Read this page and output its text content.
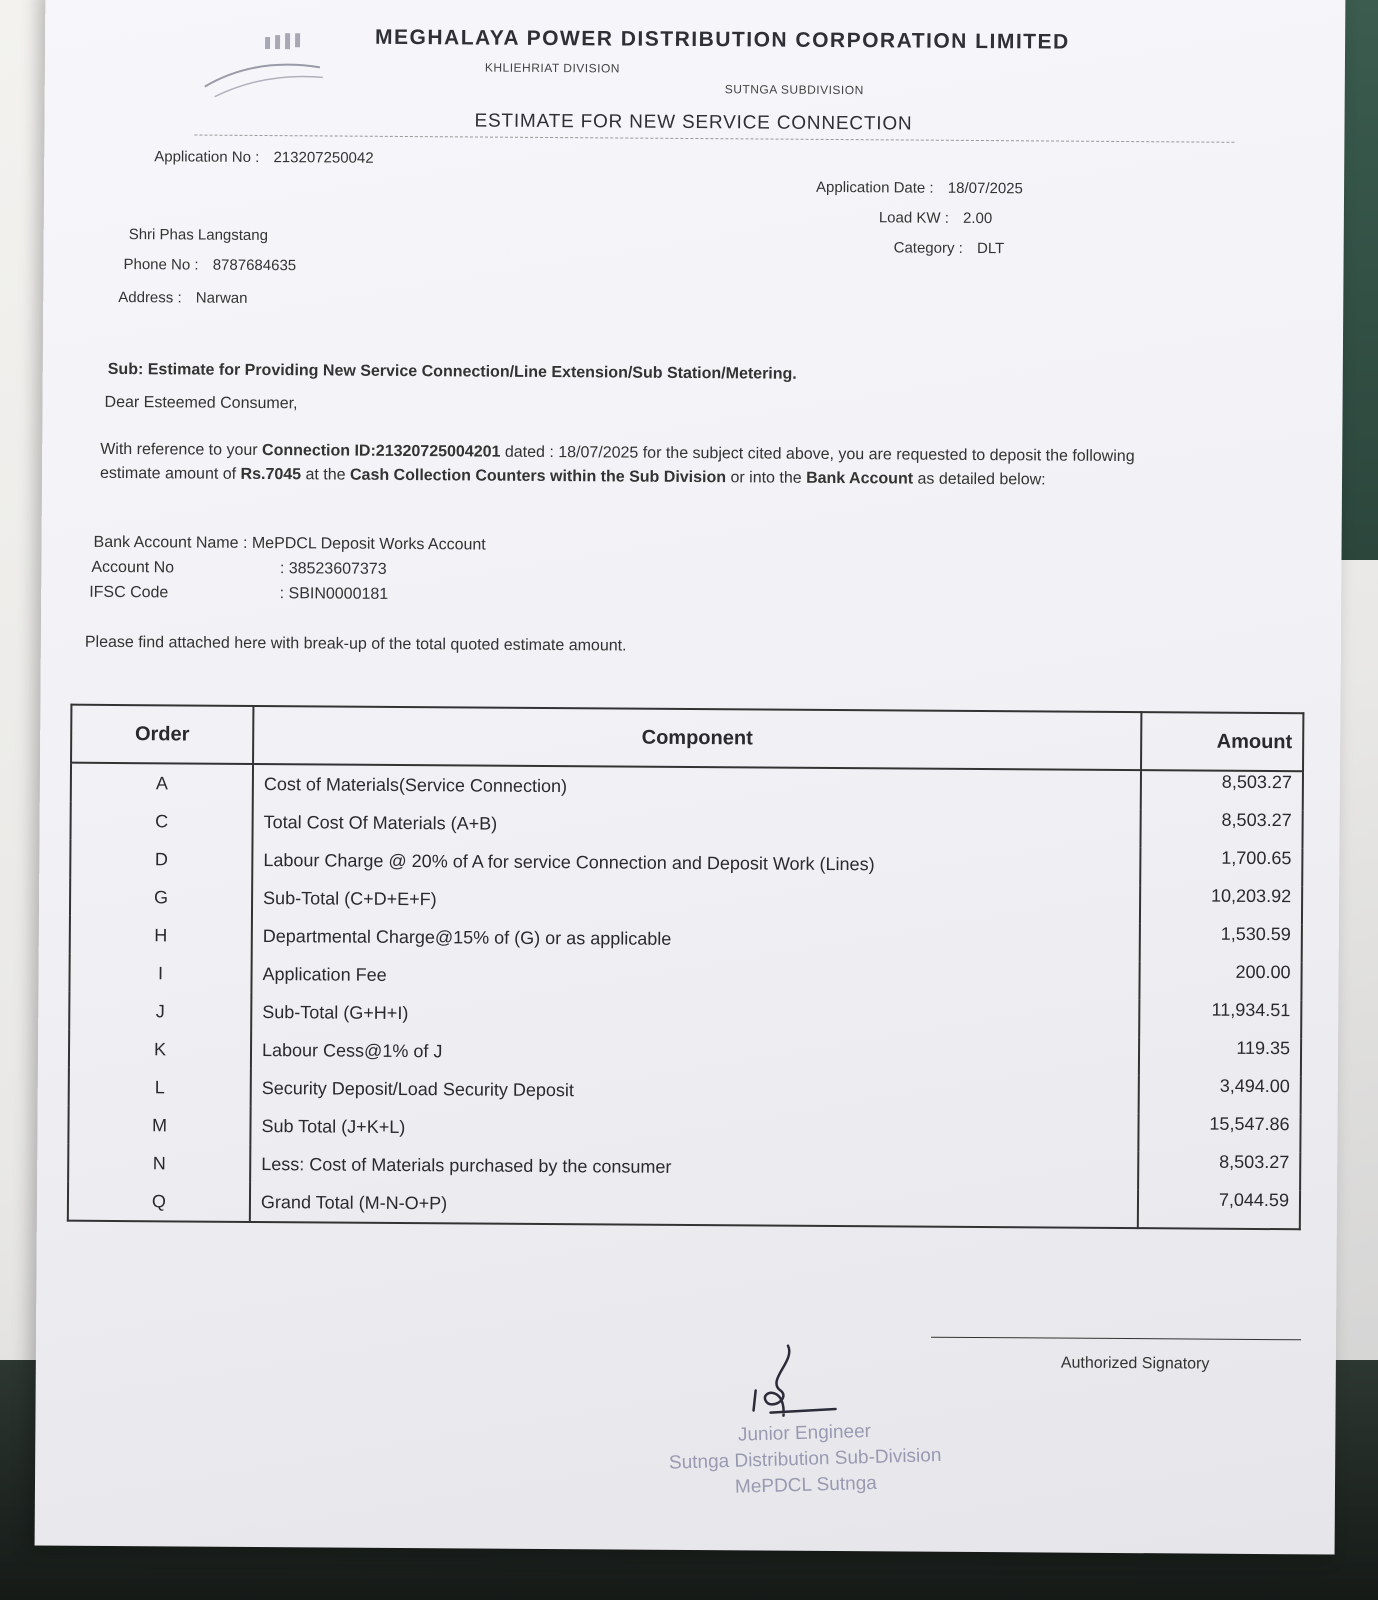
MEGHALAYA POWER DISTRIBUTION CORPORATION LIMITED
KHLIEHRIAT DIVISION
SUTNGA SUBDIVISION
ESTIMATE FOR NEW SERVICE CONNECTION
Application No : 213207250042
Application Date : 18/07/2025
Load KW : 2.00
Category : DLT
Shri Phas Langstang
Phone No : 8787684635
Address : Narwan
Sub: Estimate for Providing New Service Connection/Line Extension/Sub Station/Metering.
Dear Esteemed Consumer,
With reference to your Connection ID:21320725004201 dated : 18/07/2025 for the subject cited above, you are requested to deposit the following estimate amount of Rs.7045 at the Cash Collection Counters within the Sub Division or into the Bank Account as detailed below:
Bank Account Name : MePDCL Deposit Works Account
Account No	: 38523607373
IFSC Code	: SBIN0000181
Please find attached here with break-up of the total quoted estimate amount.
Order	Component	Amount
A	Cost of Materials(Service Connection)	8,503.27
C	Total Cost Of Materials (A+B)	8,503.27
D	Labour Charge @ 20% of A for service Connection and Deposit Work (Lines)	1,700.65
G	Sub-Total (C+D+E+F)	10,203.92
H	Departmental Charge@15% of (G) or as applicable	1,530.59
I	Application Fee	200.00
J	Sub-Total (G+H+I)	11,934.51
K	Labour Cess@1% of J	119.35
L	Security Deposit/Load Security Deposit	3,494.00
M	Sub Total (J+K+L)	15,547.86
N	Less: Cost of Materials purchased by the consumer	8,503.27
Q	Grand Total (M-N-O+P)	7,044.59
Authorized Signatory
Junior Engineer
Sutnga Distribution Sub-Division
MePDCL Sutnga
